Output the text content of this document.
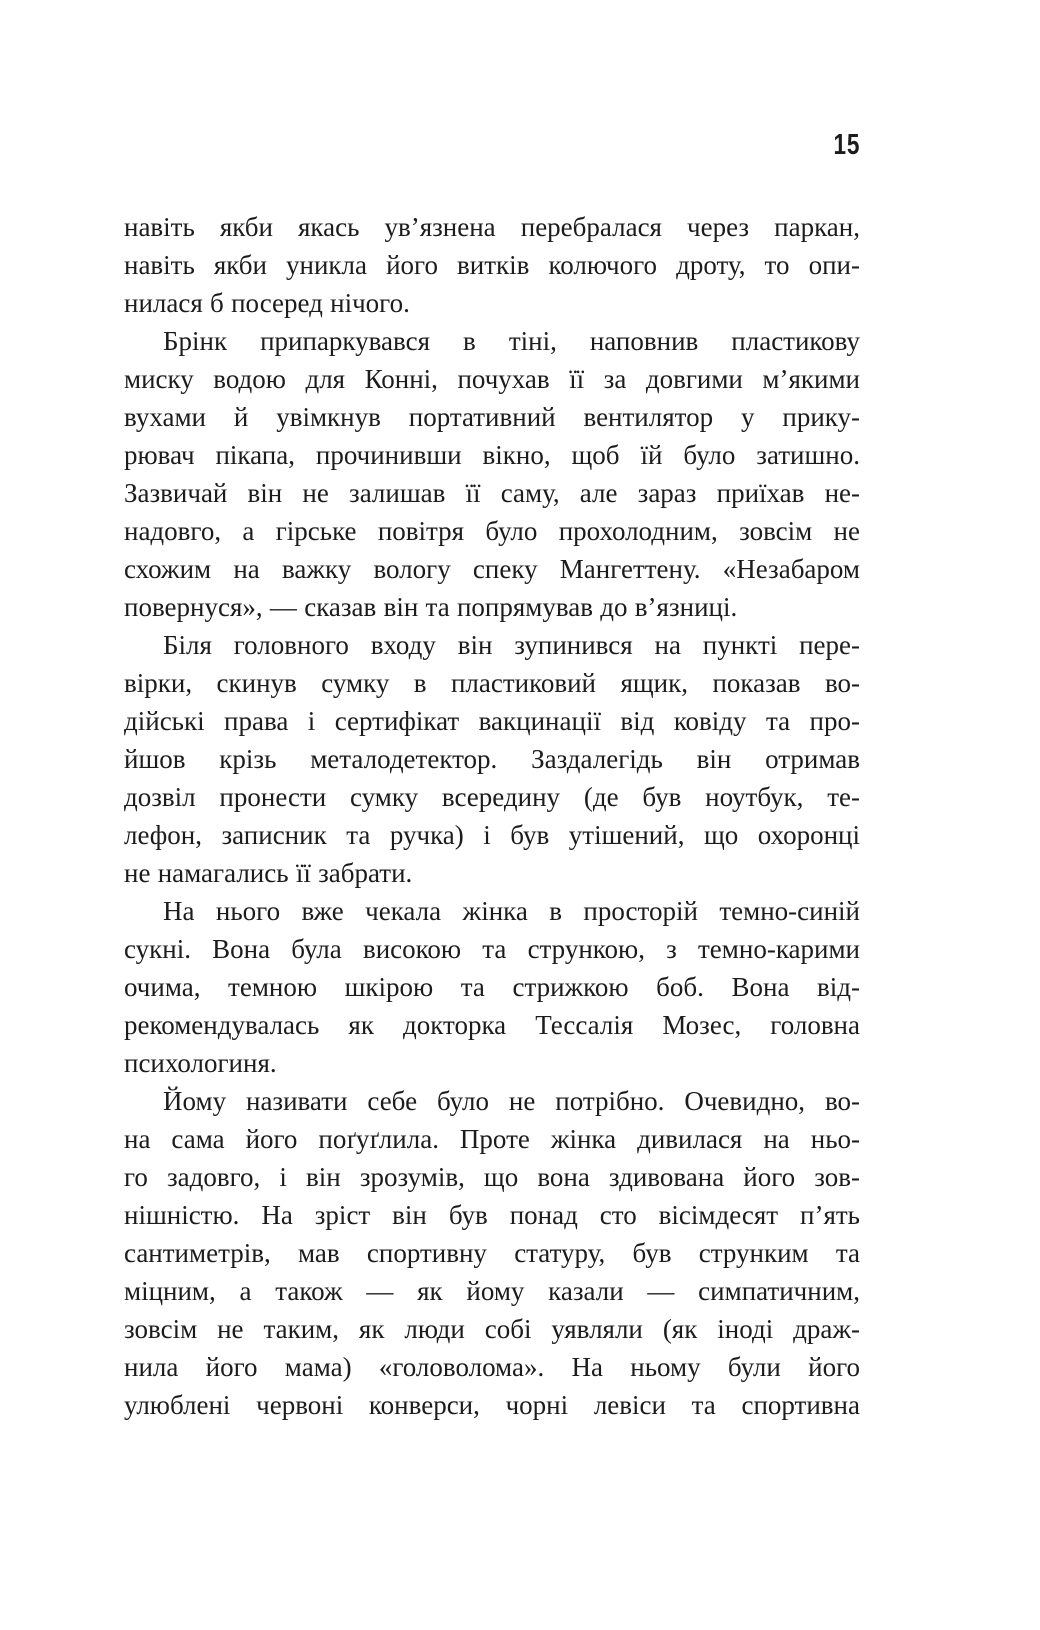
15
навіть якби якась ув’язнена перебралася через паркан,
навіть якби уникла його витків колючого дроту, то опи-
нилася б посеред нічого.
Брінк припаркувався в тіні, наповнив пластикову
миску водою для Конні, почухав її за довгими м’якими
вухами й увімкнув портативний вентилятор у прику-
рювач пікапа, прочинивши вікно, щоб їй було затишно.
Зазвичай він не залишав її саму, але зараз приїхав не-
надовго, а гірське повітря було прохолодним, зовсім не
схожим на важку вологу спеку Мангеттену. «Незабаром
повернуся», — сказав він та попрямував до в’язниці.
Біля головного входу він зупинився на пункті пере-
вірки, скинув сумку в пластиковий ящик, показав во-
дійські права і сертифікат вакцинації від ковіду та про-
йшов крізь металодетектор. Заздалегідь він отримав
дозвіл пронести сумку всередину (де був ноутбук, те-
лефон, записник та ручка) і був утішений, що охоронці
не намагались її забрати.
На нього вже чекала жінка в просторій темно-синій
сукні. Вона була високою та стрункою, з темно-карими
очима, темною шкірою та стрижкою боб. Вона від-
рекомендувалась як докторка Тессалія Мозес, головна
психологиня.
Йому називати себе було не потрібно. Очевидно, во-
на сама його поґуґлила. Проте жінка дивилася на ньо-
го задовго, і він зрозумів, що вона здивована його зов-
нішністю. На зріст він був понад сто вісімдесят п’ять
сантиметрів, мав спортивну статуру, був струнким та
міцним, а також — як йому казали — симпатичним,
зовсім не таким, як люди собі уявляли (як іноді драж-
нила його мама) «головолома». На ньому були його
улюблені червоні конверси, чорні левіси та спортивна
